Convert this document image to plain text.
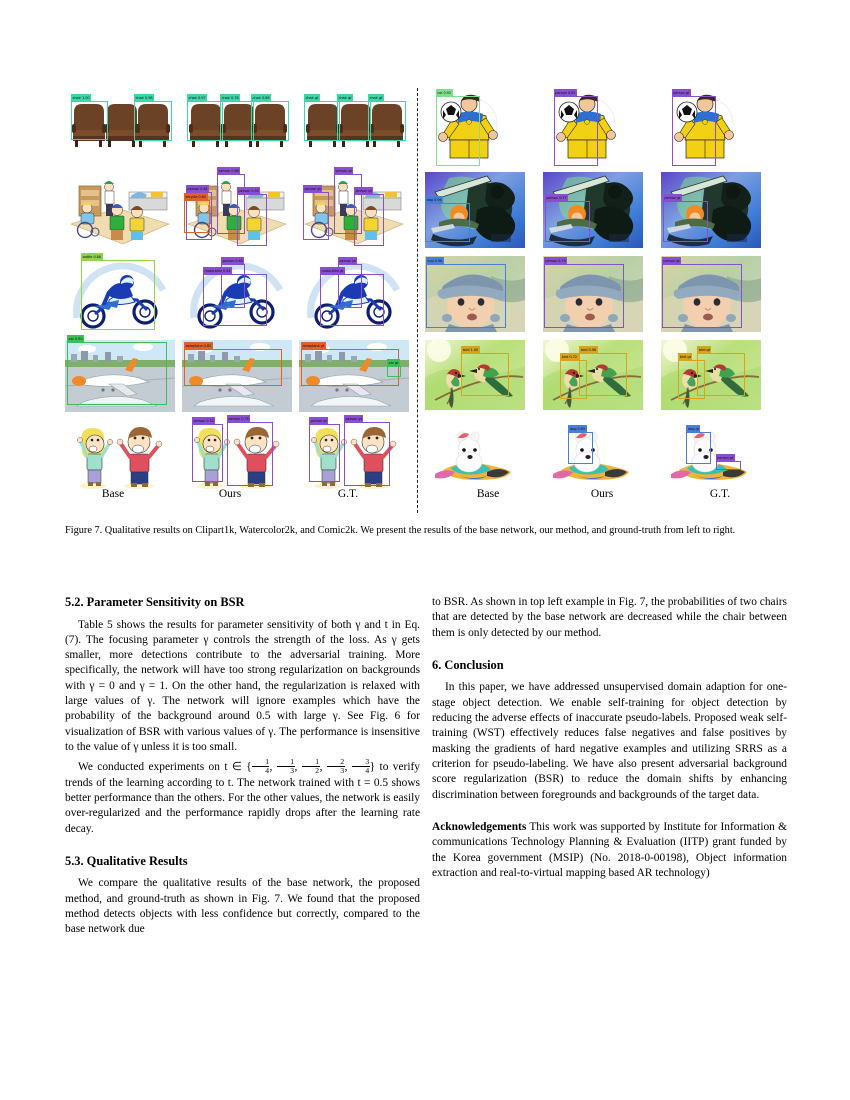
chair 1.00	chair 0.98	chair 0.97	chair 0.76	chair 0.89	chair gt	chair gt	chair gt
person 0.68
person 0.61
bicycle 0.61
person 0.52
person gt
person gt	person gt
bottle 0.86
person 0.60
motorbike 0.54
person gt
motorbike gt
car 0.92
aeroplane 0.82	aeroplane gt
car gt
person 0.52	person 0.78	person gt	person gt
car 0.92	person 0.61	person gt
dog 0.94	person 0.77	person gt
cup 0.98	person 0.70	person gt
bird 1.00	bird 0.98
bird 0.72
bird gt
bird gt
dog 0.65	dog gt
person gt
Base	Ours	G.T.	Base	Ours	G.T.
Figure 7. Qualitative results on Clipart1k, Watercolor2k, and Comic2k. We present the results of the base network, our method, and ground-truth from left to right.
5.2. Parameter Sensitivity on BSR

Table 5 shows the results for parameter sensitivity of both γ and t in Eq. (7). The focusing parameter γ controls the strength of the loss. As γ gets smaller, more detections contribute to the adversarial training. More specifically, the network will have too strong regularization on backgrounds with γ = 0 and γ = 1. On the other hand, the regularization is relaxed with large values of γ. The network will ignore examples which have the probability of the background around 0.5 with large γ. See Fig. 6 for visualization of BSR with various values of γ. The performance is insensitive to the value of γ unless it is too small.

We conducted experiments on t ∈ { $\frac{1}{4}$ , $\frac{1}{3}$ , $\frac{1}{2}$ , $\frac{2}{3}$ , $\frac{3}{4}$ } to verify trends of the learning according to t. The network trained with t = 0.5 shows better performance than the others. For the other values, the network is easily over-regularized and the performance rapidly drops after the learning rate decay.

5.3. Qualitative Results

We compare the qualitative results of the base network, the proposed method, and ground-truth as shown in Fig. 7. We found that the proposed method detects objects with less confidence but correctly, compared to the base network due

to BSR. As shown in top left example in Fig. 7, the probabilities of two chairs that are detected by the base network are decreased while the chair between them is only detected by our method.

6. Conclusion

In this paper, we have addressed unsupervised domain adaption for one-stage object detection. We enable self-training for object detection by reducing the adverse effects of inaccurate pseudo-labels. Proposed weak self-training (WST) effectively reduces false negatives and false positives by masking the gradients of hard negative examples and utilizing SRRS as a criterion for pseudo-labeling. We have also present adversarial background score regularization (BSR) to reduce the domain shifts by enhancing discrimination between foregrounds and backgrounds of the target data.

Acknowledgements This work was supported by Institute for Information & communications Technology Planning & Evaluation (IITP) grant funded by the Korea government (MSIP) (No. 2018-0-00198), Object information extraction and real-to-virtual mapping based AR technology)
